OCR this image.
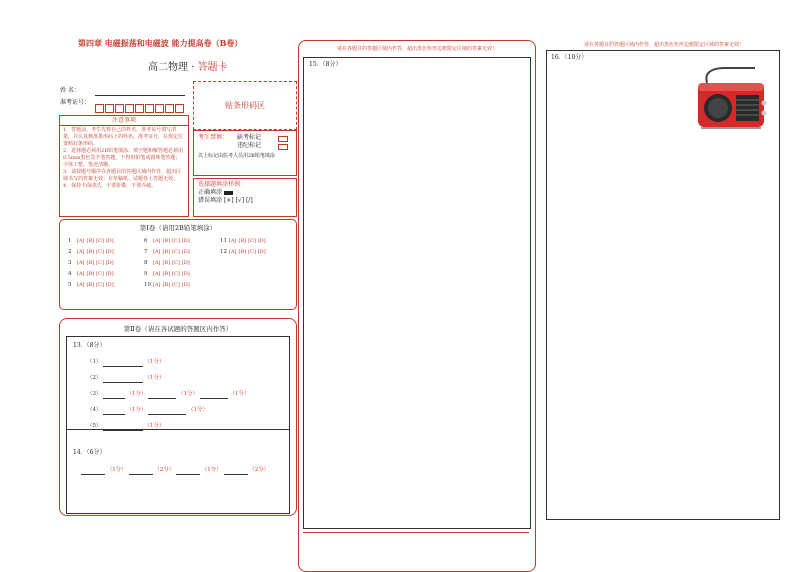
第四章 电磁振荡和电磁波 能力提高卷（B卷）
高二物理 · 答题卡
姓 名：
准考证号：	贴条形码区
注意事项
1．答题前，考生先将自己的姓名、准考证号填写清楚，并认真核准条形码上的姓名、准考证号，在规定位置贴好条形码。
2．选择题必须用2B铅笔填涂；填空题和解答题必须用0.5mm黑色签字笔答题，不得用铅笔或圆珠笔答题；字体工整、笔迹清晰。
3．请按题号顺序在各题目的答题区域内作答，超出区域书写的答案无效；在草稿纸、试题卷上答题无效。
4．保持卡面清洁，不要折叠、不要弄破。
考生禁填： 缺考标记
违纪标记
以上标记由监考人员用2B铅笔填涂
选择题填涂样例：
正确填涂
错误填涂 [×] [√] [/]
第Ⅰ卷（请用2B铅笔填涂）
1 [A] [B] [C] [D]
2 [A] [B] [C] [D]
3 [A] [B] [C] [D]
4 [A] [B] [C] [D]
5 [A] [B] [C] [D]
6 [A] [B] [C] [D]
7 [A] [B] [C] [D]
8 [A] [B] [C] [D]
9 [A] [B] [C] [D]
10 [A] [B] [C] [D]
11 [A] [B] [C] [D]
12 [A] [B] [C] [D]
第Ⅱ卷（请在各试题的答题区内作答）
13．（8分）
（1）	（1分）
（2）	（1分）
（3）	（1分）	（1分）	（1分）
（4）	（1分）	（1分）
（5）	（1分）
14．（6分）
（1分）	（2分）	（1分）	（2分）
请在各题目的答题区域内作答，超出黑色矩形边框限定区域的答案无效！
15．（8分）
请在各题目的答题区域内作答，超出黑色矩形边框限定区域的答案无效！
16．（10分）
